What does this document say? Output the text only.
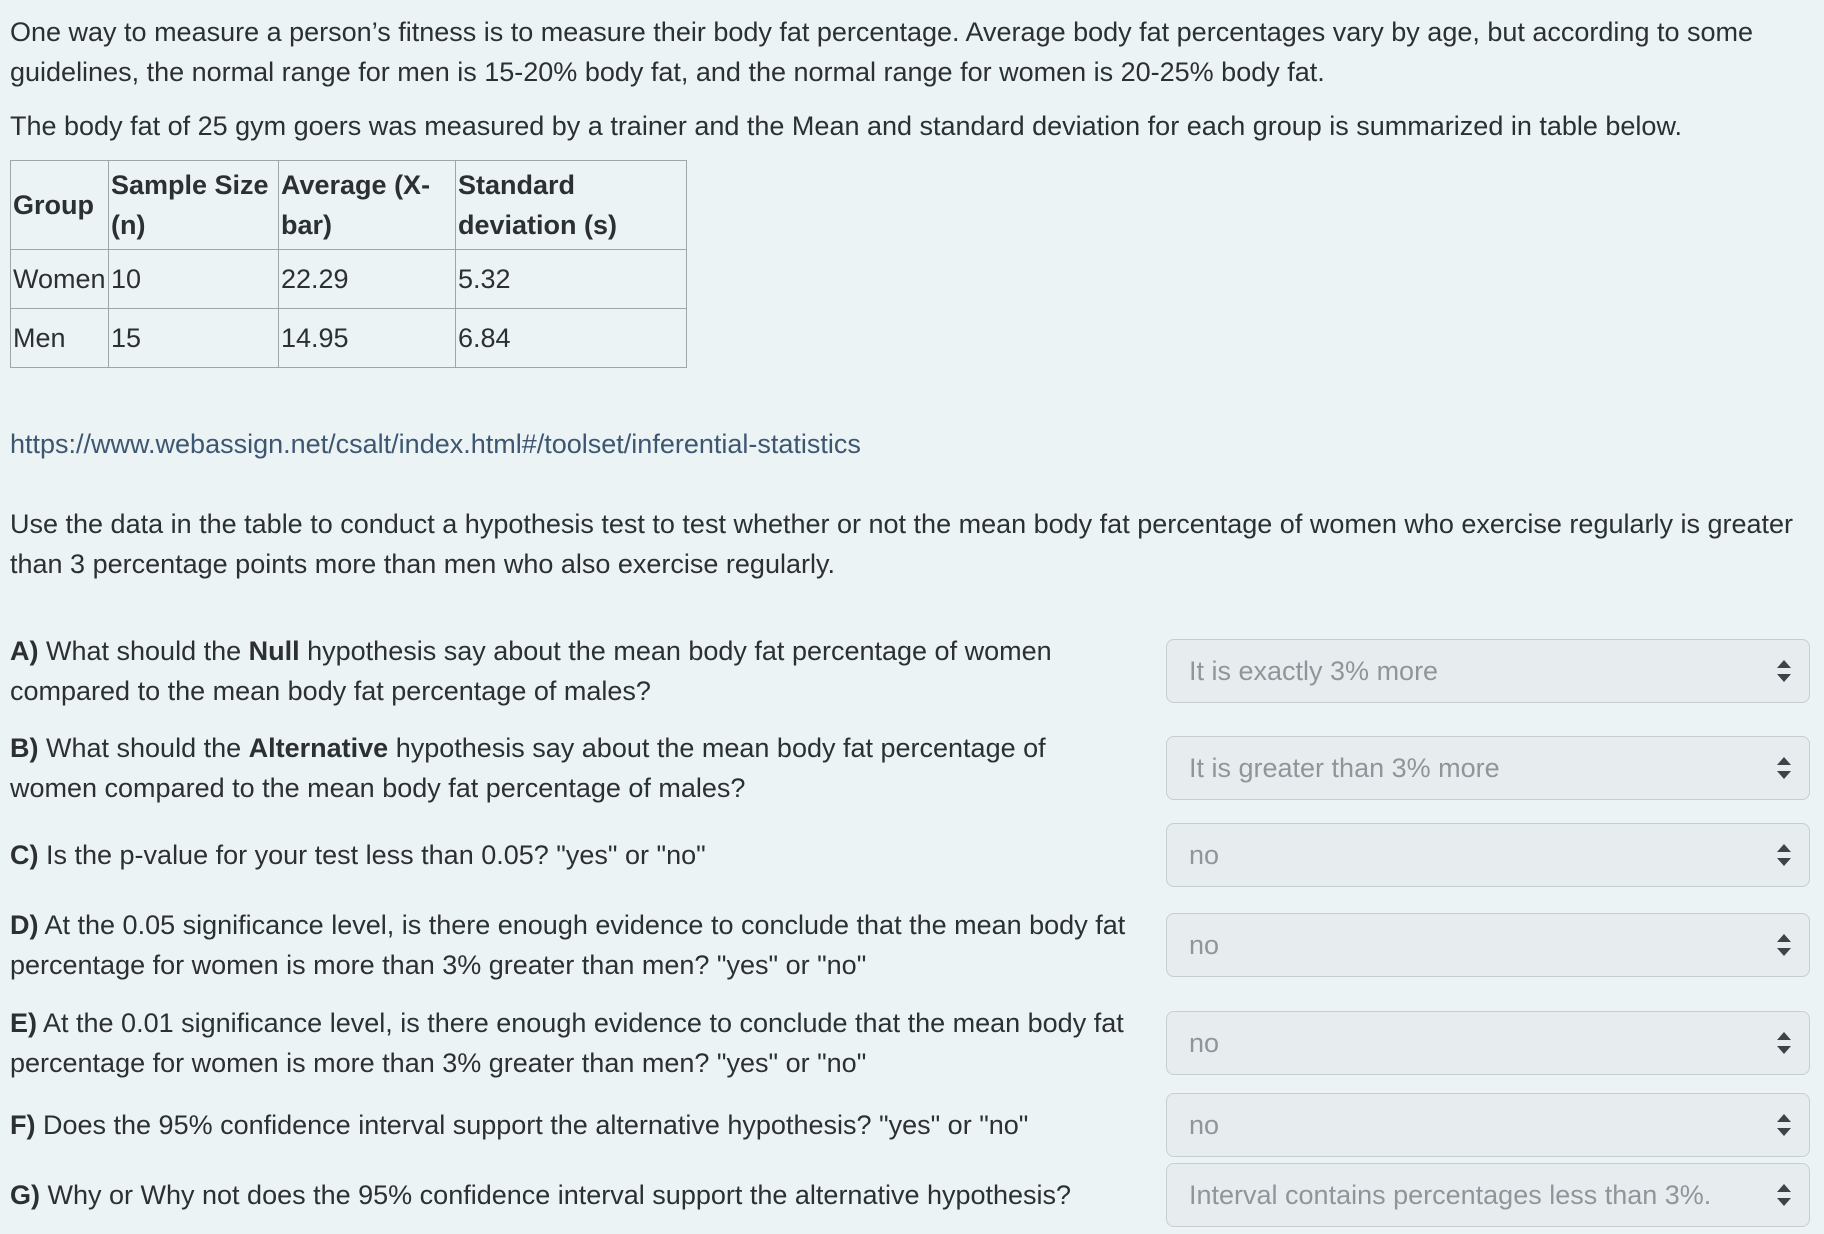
One way to measure a person’s fitness is to measure their body fat percentage. Average body fat percentages vary by age, but according to some guidelines, the normal range for men is 15-20% body fat, and the normal range for women is 20-25% body fat.

The body fat of 25 gym goers was measured by a trainer and the Mean and standard deviation for each group is summarized in table below.

Group	Sample Size (n)	Average (X-bar)	Standard deviation (s)
Women	10	22.29	5.32
Men	15	14.95	6.84

https://www.webassign.net/csalt/index.html#/toolset/inferential-statistics

Use the data in the table to conduct a hypothesis test to test whether or not the mean body fat percentage of women who exercise regularly is greater than 3 percentage points more than men who also exercise regularly.

A) What should the Null hypothesis say about the mean body fat percentage of women compared to the mean body fat percentage of males?
It is exactly 3% more
B) What should the Alternative hypothesis say about the mean body fat percentage of women compared to the mean body fat percentage of males?
It is greater than 3% more
C) Is the p-value for your test less than 0.05? "yes" or "no"	no
D) At the 0.05 significance level, is there enough evidence to conclude that the mean body fat percentage for women is more than 3% greater than men? "yes" or "no"
no
E) At the 0.01 significance level, is there enough evidence to conclude that the mean body fat percentage for women is more than 3% greater than men? "yes" or "no"
no
F) Does the 95% confidence interval support the alternative hypothesis? "yes" or "no"	no
G) Why or Why not does the 95% confidence interval support the alternative hypothesis?	Interval contains percentages less than 3%.
